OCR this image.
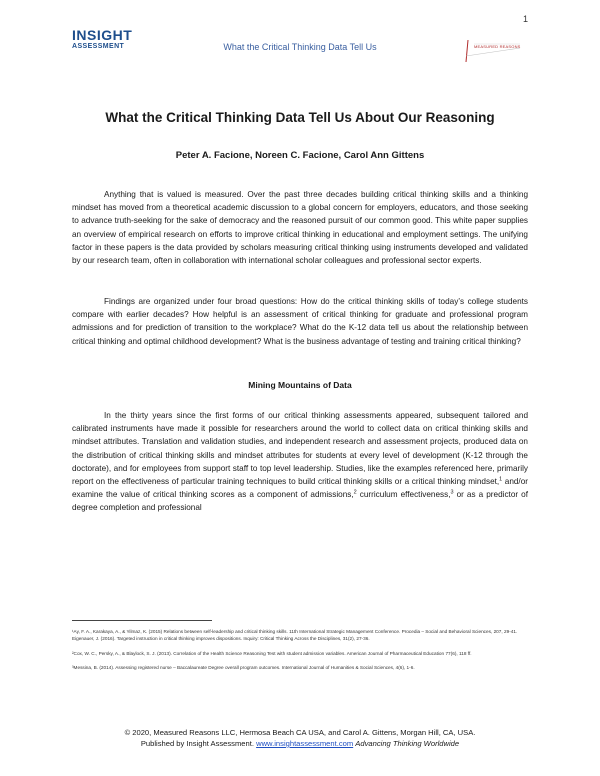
1
INSIGHT
ASSESSMENT	What the Critical Thinking Data Tell Us	MEASURED REASONS
What the Critical Thinking Data Tell Us About Our Reasoning
Peter A. Facione, Noreen C. Facione, Carol Ann Gittens

Anything that is valued is measured. Over the past three decades building critical thinking skills and a thinking mindset has moved from a theoretical academic discussion to a global concern for employers, educators, and those seeking to advance truth-seeking for the sake of democracy and the reasoned pursuit of our common good. This white paper supplies an overview of empirical research on efforts to improve critical thinking in educational and employment settings. The unifying factor in these papers is the data provided by scholars measuring critical thinking using instruments developed and validated by our research team, often in collaboration with international scholar colleagues and professional sector experts.

Findings are organized under four broad questions: How do the critical thinking skills of today’s college students compare with earlier decades? How helpful is an assessment of critical thinking for graduate and professional program admissions and for prediction of transition to the workplace? What do the K-12 data tell us about the relationship between critical thinking and optimal childhood development? What is the business advantage of testing and training critical thinking?

Mining Mountains of Data

In the thirty years since the first forms of our critical thinking assessments appeared, subsequent tailored and calibrated instruments have made it possible for researchers around the world to collect data on critical thinking skills and mindset attributes. Translation and validation studies, and independent research and assessment projects, produced data on the distribution of critical thinking skills and mindset attributes for students at every level of development (K-12 through the doctorate), and for employees from support staff to top level leadership. Studies, like the examples referenced here, primarily report on the effectiveness of particular training techniques to build critical thinking skills or a critical thinking mindset,$^1$ and/or examine the value of critical thinking scores as a component of admissions,$^2$ curriculum effectiveness,$^3$ or as a predictor of degree completion and professional

¹Ay, F. A., Karakaya, A., & Yilmaz, K. (2015) Relations between self-leadership and critical thinking skills. 11th International Strategic Management Conference. Procedia – Social and Behavioral Sciences, 207, 29-41. Eigenauer, J. (2016). Targeted instruction in critical thinking improves dispositions. Inquiry: Critical Thinking Across the Disciplines, 31(2), 27-36.

²Cox, W. C., Persky, A., & Blaylock, S. J. (2013). Correlation of the Health Science Reasoning Test with student admission variables. American Journal of Pharmaceutical Education 77(6), 118 ff.

³Messina, B. (2014). Assessing registered nurse – Baccalaureate Degree overall program outcomes. International Journal of Humanities & Social Sciences, 4(6), 1-6.

© 2020, Measured Reasons LLC, Hermosa Beach CA USA, and Carol A. Gittens, Morgan Hill, CA, USA.
Published by Insight Assessment. www.insightassessment.com Advancing Thinking Worldwide
